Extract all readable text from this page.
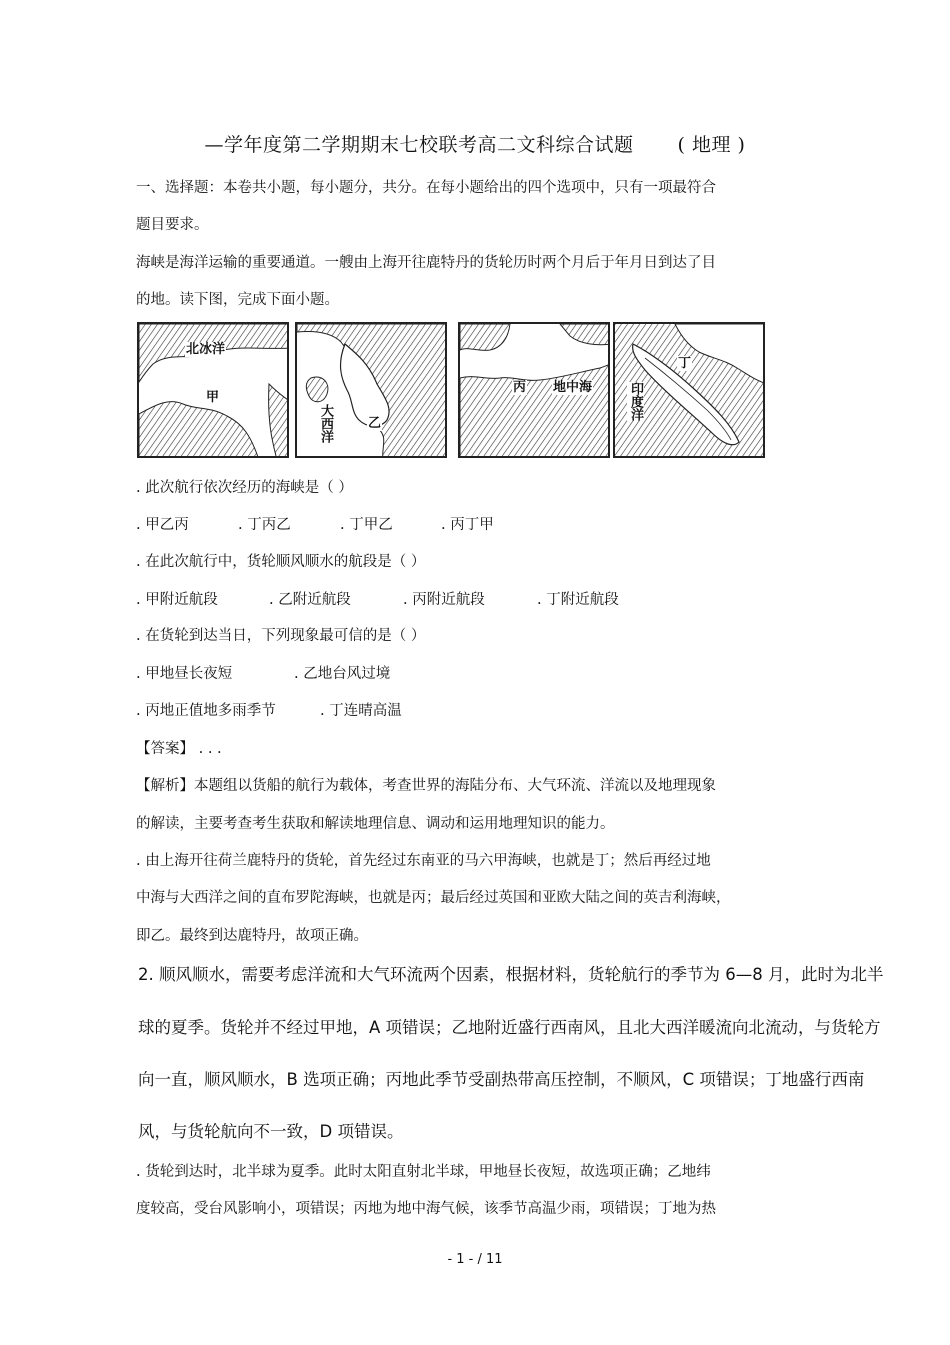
—学年度第二学期期末七校联考高二文科综合试题 ( 地理 )
一、选择题：本卷共小题，每小题分，共分。在每小题给出的四个选项中，只有一项最符合
题目要求。
海峡是海洋运输的重要通道。一艘由上海开往鹿特丹的货轮历时两个月后于年月日到达了目
的地。读下图，完成下面小题。
北冰洋
甲
大西洋	乙
丙 地中海	印度洋
丁
. 此次航行依次经历的海峡是（ ）
. 甲乙丙	. 丁丙乙	. 丁甲乙	. 丙丁甲
. 在此次航行中，货轮顺风顺水的航段是（ ）
. 甲附近航段	. 乙附近航段	. 丙附近航段	. 丁附近航段
. 在货轮到达当日，下列现象最可信的是（ ）
. 甲地昼长夜短	. 乙地台风过境
. 丙地正值地多雨季节	. 丁连晴高温
【答案】 . . .
【解析】本题组以货船的航行为载体，考查世界的海陆分布、大气环流、洋流以及地理现象
的解读，主要考查考生获取和解读地理信息、调动和运用地理知识的能力。
. 由上海开往荷兰鹿特丹的货轮，首先经过东南亚的马六甲海峡，也就是丁；然后再经过地
中海与大西洋之间的直布罗陀海峡，也就是丙；最后经过英国和亚欧大陆之间的英吉利海峡，
即乙。最终到达鹿特丹，故项正确。
2. 顺风顺水，需要考虑洋流和大气环流两个因素，根据材料，货轮航行的季节为 6—8 月，此时为北半
球的夏季。货轮并不经过甲地，A 项错误；乙地附近盛行西南风，且北大西洋暖流向北流动，与货轮方
向一直，顺风顺水，B 选项正确；丙地此季节受副热带高压控制，不顺风，C 项错误；丁地盛行西南
风，与货轮航向不一致，D 项错误。
. 货轮到达时，北半球为夏季。此时太阳直射北半球，甲地昼长夜短，故选项正确；乙地纬
度较高，受台风影响小，项错误；丙地为地中海气候，该季节高温少雨，项错误；丁地为热
- 1 - / 11
